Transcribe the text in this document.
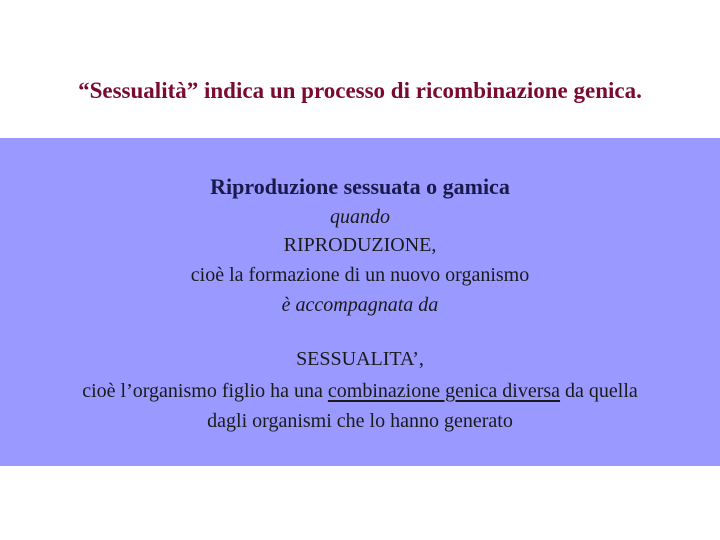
“Sessualità” indica un processo di ricombinazione genica.
Riproduzione sessuata o gamica
quando
RIPRODUZIONE,
cioè la formazione di un nuovo organismo
è accompagnata da
SESSUALITA’,
cioè l’organismo figlio ha una combinazione genica diversa da quella
dagli organismi che lo hanno generato
